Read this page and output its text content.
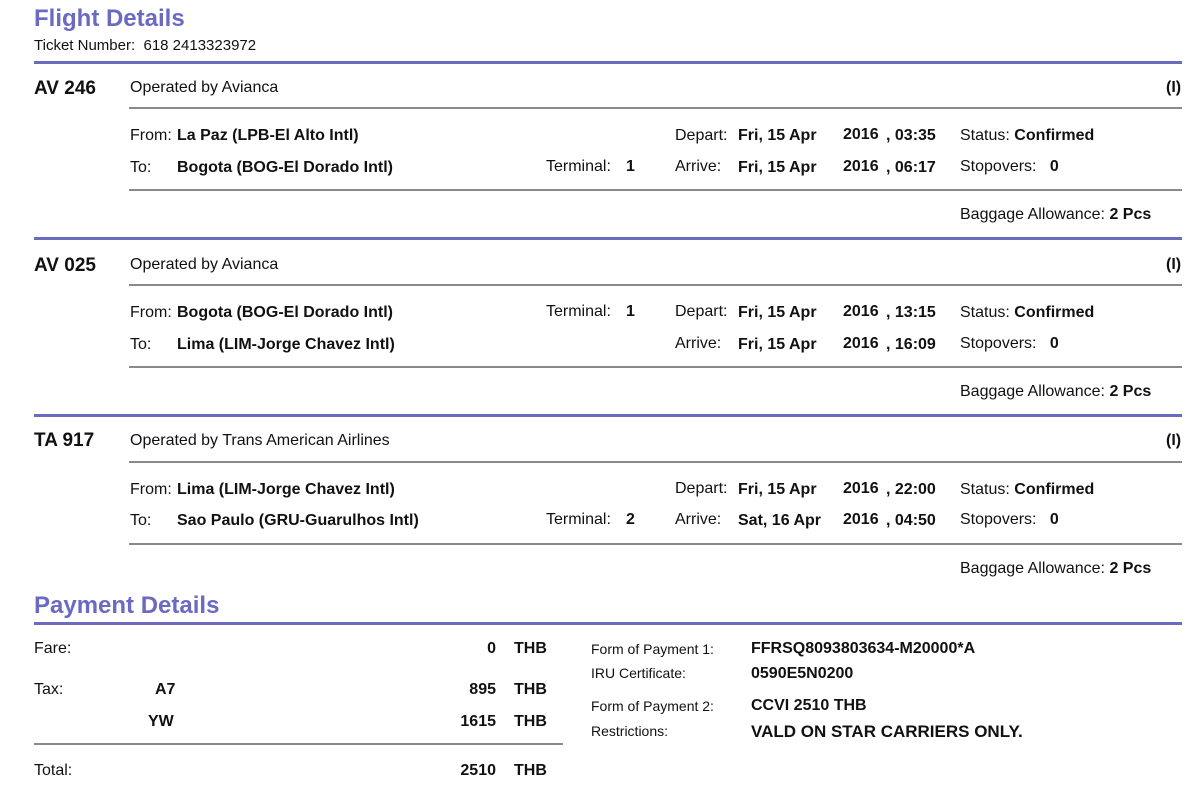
Flight Details
Ticket Number: 618 2413323972
AV 246 Operated by Avianca	(I)
From: La Paz (LPB-El Alto Intl)	Depart: Fri, 15 Apr 2016 , 03:35 Status: Confirmed
To: Bogota (BOG-El Dorado Intl)	Terminal: 1	Arrive: Fri, 15 Apr 2016 , 06:17 Stopovers: 0
Baggage Allowance: 2 Pcs
AV 025 Operated by Avianca	(I)
From: Bogota (BOG-El Dorado Intl)	Terminal: 1	Depart: Fri, 15 Apr 2016 , 13:15 Status: Confirmed
To: Lima (LIM-Jorge Chavez Intl)	Arrive: Fri, 15 Apr 2016 , 16:09 Stopovers: 0
Baggage Allowance: 2 Pcs
TA 917 Operated by Trans American Airlines	(I)
From: Lima (LIM-Jorge Chavez Intl)	Depart: Fri, 15 Apr 2016 , 22:00 Status: Confirmed
To: Sao Paulo (GRU-Guarulhos Intl)	Terminal: 2	Arrive: Sat, 16 Apr 2016 , 04:50 Stopovers: 0
Baggage Allowance: 2 Pcs
Payment Details
Fare:	0 THB
Tax:	A7	895 THB
YW	1615 THB
Total:	2510 THB
Form of Payment 1: FFRSQ8093803634-M20000*A
IRU Certificate:	0590E5N0200
Form of Payment 2: CCVI 2510 THB
Restrictions:	VALD ON STAR CARRIERS ONLY.
